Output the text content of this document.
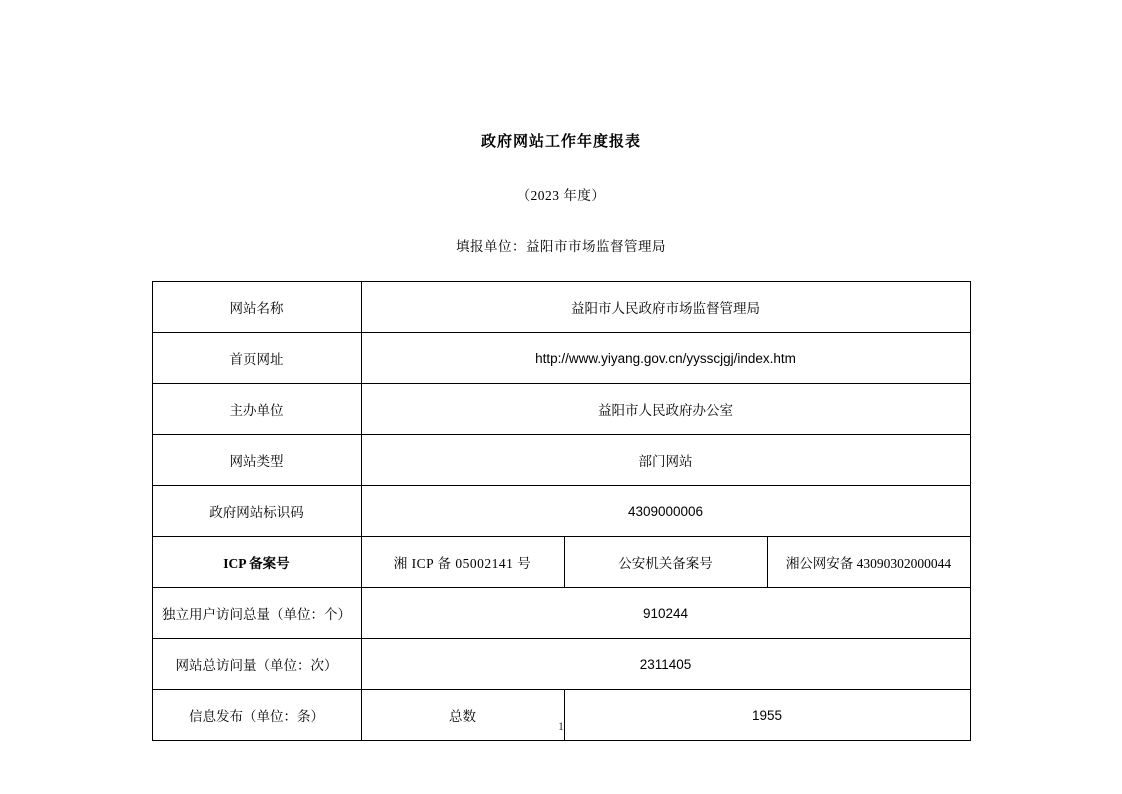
政府网站工作年度报表
（2023 年度）
填报单位：益阳市市场监督管理局
网站名称	益阳市人民政府市场监督管理局		
首页网址	http://www.yiyang.gov.cn/yysscjgj/index.htm		
主办单位	益阳市人民政府办公室		
网站类型	部门网站		
政府网站标识码	4309000006		
ICP 备案号	湘 ICP 备 05002141 号	公安机关备案号	湘公网安备 43090302000044
独立用户访问总量（单位：个）	910244		
网站总访问量（单位：次）	2311405		
信息发布（单位：条）	总数	1955	
1
